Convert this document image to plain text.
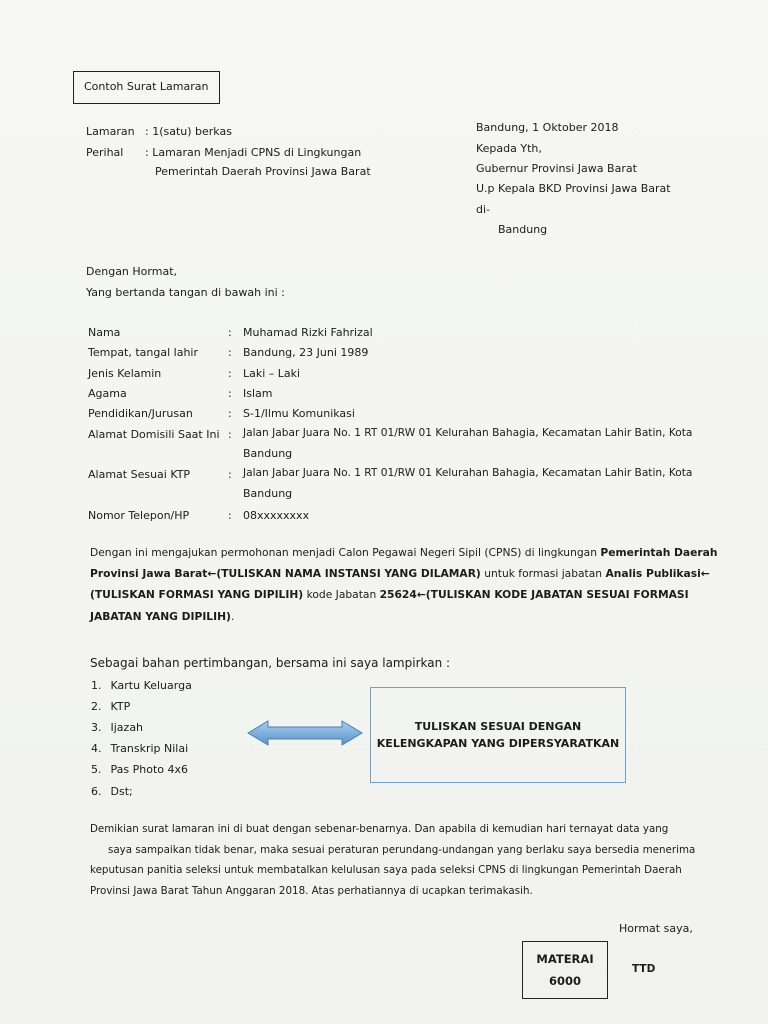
Contoh Surat Lamaran
Lamaran : 1(satu) berkas
Perihal : Lamaran Menjadi CPNS di Lingkungan
Pemerintah Daerah Provinsi Jawa Barat
Bandung, 1 Oktober 2018
Kepada Yth,
Gubernur Provinsi Jawa Barat
U.p Kepala BKD Provinsi Jawa Barat
di-
Bandung
Dengan Hormat,
Yang bertanda tangan di bawah ini :
Nama	: Muhamad Rizki Fahrizal
Tempat, tangal lahir	: Bandung, 23 Juni 1989
Jenis Kelamin	: Laki – Laki
Agama	: Islam
Pendidikan/Jurusan	: S-1/Ilmu Komunikasi
Alamat Domisili Saat Ini : Jalan Jabar Juara No. 1 RT 01/RW 01 Kelurahan Bahagia, Kecamatan Lahir Batin, Kota
Bandung
Alamat Sesuai KTP	: Jalan Jabar Juara No. 1 RT 01/RW 01 Kelurahan Bahagia, Kecamatan Lahir Batin, Kota
Bandung
Nomor Telepon/HP	: 08xxxxxxxx
Dengan ini mengajukan permohonan menjadi Calon Pegawai Negeri Sipil (CPNS) di lingkungan Pemerintah Daerah
Provinsi Jawa Barat←(TULISKAN NAMA INSTANSI YANG DILAMAR) untuk formasi jabatan Analis Publikasi←
(TULISKAN FORMASI YANG DIPILIH) kode Jabatan 25624←(TULISKAN KODE JABATAN SESUAI FORMASI
JABATAN YANG DIPILIH).
Sebagai bahan pertimbangan, bersama ini saya lampirkan :
1. Kartu Keluarga
2. KTP
3. Ijazah
4. Transkrip Nilai
5. Pas Photo 4x6
6. Dst;
TULISKAN SESUAI DENGAN
KELENGKAPAN YANG DIPERSYARATKAN
Demikian surat lamaran ini di buat dengan sebenar-benarnya. Dan apabila di kemudian hari ternayat data yang
saya sampaikan tidak benar, maka sesuai peraturan perundang-undangan yang berlaku saya bersedia menerima
keputusan panitia seleksi untuk membatalkan kelulusan saya pada seleksi CPNS di lingkungan Pemerintah Daerah
Provinsi Jawa Barat Tahun Anggaran 2018. Atas perhatiannya di ucapkan terimakasih.
Hormat saya,
MATERAI
6000
TTD
